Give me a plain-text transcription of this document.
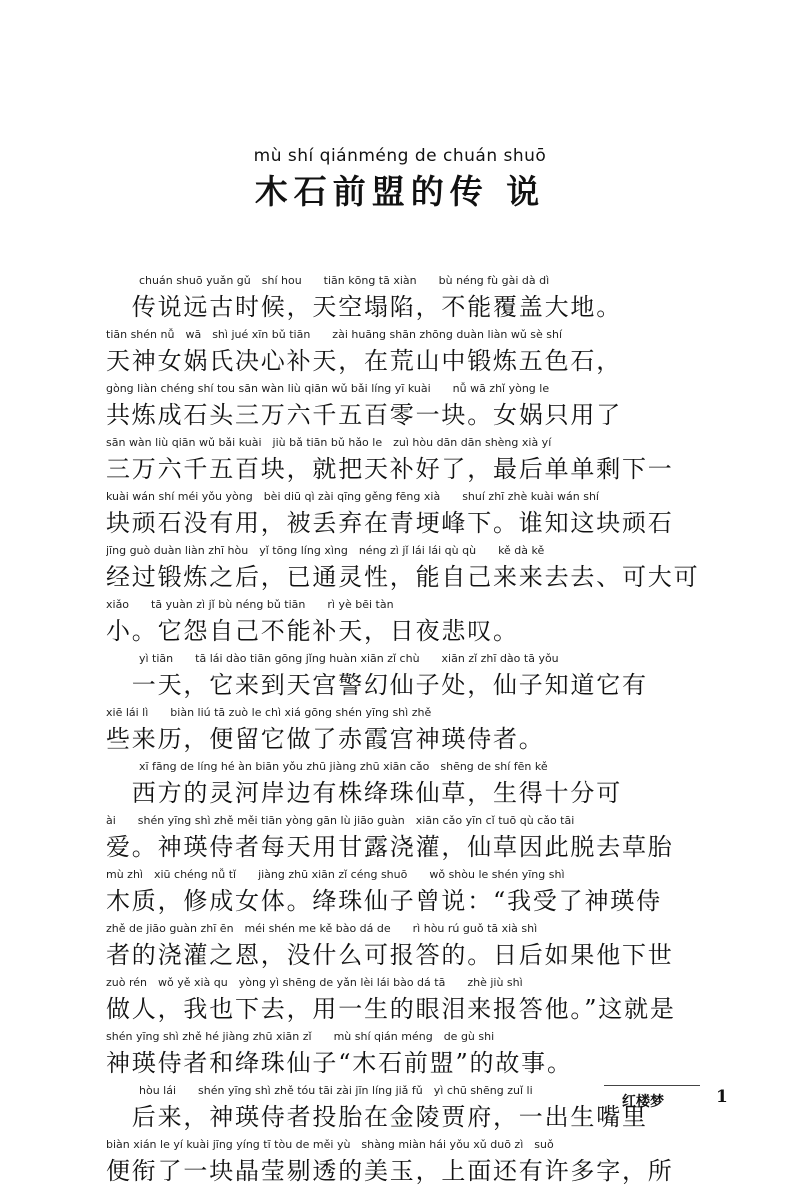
mù shí qiánméng de chuán shuō
木石前盟的传 说
　　　chuán shuō yuǎn gǔ　shí hou　　tiān kōng tā xiàn　　bù néng fù gài dà dì
　传说远古时候，天空塌陷，不能覆盖大地。
tiān shén nǚ　wā　shì jué xīn bǔ tiān　　zài huāng shān zhōng duàn liàn wǔ sè shí
天神女娲氏决心补天，在荒山中锻炼五色石，
gòng liàn chéng shí tou sān wàn liù qiān wǔ bǎi líng yī kuài　　nǚ wā zhǐ yòng le
共炼成石头三万六千五百零一块。女娲只用了
sān wàn liù qiān wǔ bǎi kuài　jiù bǎ tiān bǔ hǎo le　zuì hòu dān dān shèng xià yí
三万六千五百块，就把天补好了，最后单单剩下一
kuài wán shí méi yǒu yòng　bèi diū qì zài qīng gěng fēng xià　　shuí zhī zhè kuài wán shí
块顽石没有用，被丢弃在青埂峰下。谁知这块顽石
jīng guò duàn liàn zhī hòu　yǐ tōng líng xìng　néng zì jǐ lái lái qù qù　　kě dà kě
经过锻炼之后，已通灵性，能自己来来去去、可大可
xiǎo　　tā yuàn zì jǐ bù néng bǔ tiān　　rì yè bēi tàn
小。它怨自己不能补天，日夜悲叹。
　　　yì tiān　　tā lái dào tiān gōng jǐng huàn xiān zǐ chù　　xiān zǐ zhī dào tā yǒu
　一天，它来到天宫警幻仙子处，仙子知道它有
xiē lái lì　　biàn liú tā zuò le chì xiá gōng shén yīng shì zhě
些来历，便留它做了赤霞宫神瑛侍者。
　　　xī fāng de líng hé àn biān yǒu zhū jiàng zhū xiān cǎo　shēng de shí fēn kě
　西方的灵河岸边有株绛珠仙草，生得十分可
ài　　shén yīng shì zhě měi tiān yòng gān lù jiāo guàn　xiān cǎo yīn cǐ tuō qù cǎo tāi
爱。神瑛侍者每天用甘露浇灌，仙草因此脱去草胎
mù zhì　xiū chéng nǚ tǐ　　jiàng zhū xiān zǐ céng shuō　　wǒ shòu le shén yīng shì
木质，修成女体。绛珠仙子曾说：“我受了神瑛侍
zhě de jiāo guàn zhī ēn　méi shén me kě bào dá de　　rì hòu rú guǒ tā xià shì
者的浇灌之恩，没什么可报答的。日后如果他下世
zuò rén　wǒ yě xià qu　yòng yì shēng de yǎn lèi lái bào dá tā　　zhè jiù shì
做人，我也下去，用一生的眼泪来报答他。”这就是
shén yīng shì zhě hé jiàng zhū xiān zǐ　　mù shí qián méng　de gù shi
神瑛侍者和绛珠仙子“木石前盟”的故事。
　　　hòu lái　　shén yīng shì zhě tóu tāi zài jīn líng jiǎ fǔ　yì chū shēng zuǐ li
　后来，神瑛侍者投胎在金陵贾府，一出生嘴里
biàn xián le yí kuài jīng yíng tī tòu de měi yù　shàng miàn hái yǒu xǔ duō zì　suǒ
便衔了一块晶莹剔透的美玉，上面还有许多字，所
红楼梦	1
